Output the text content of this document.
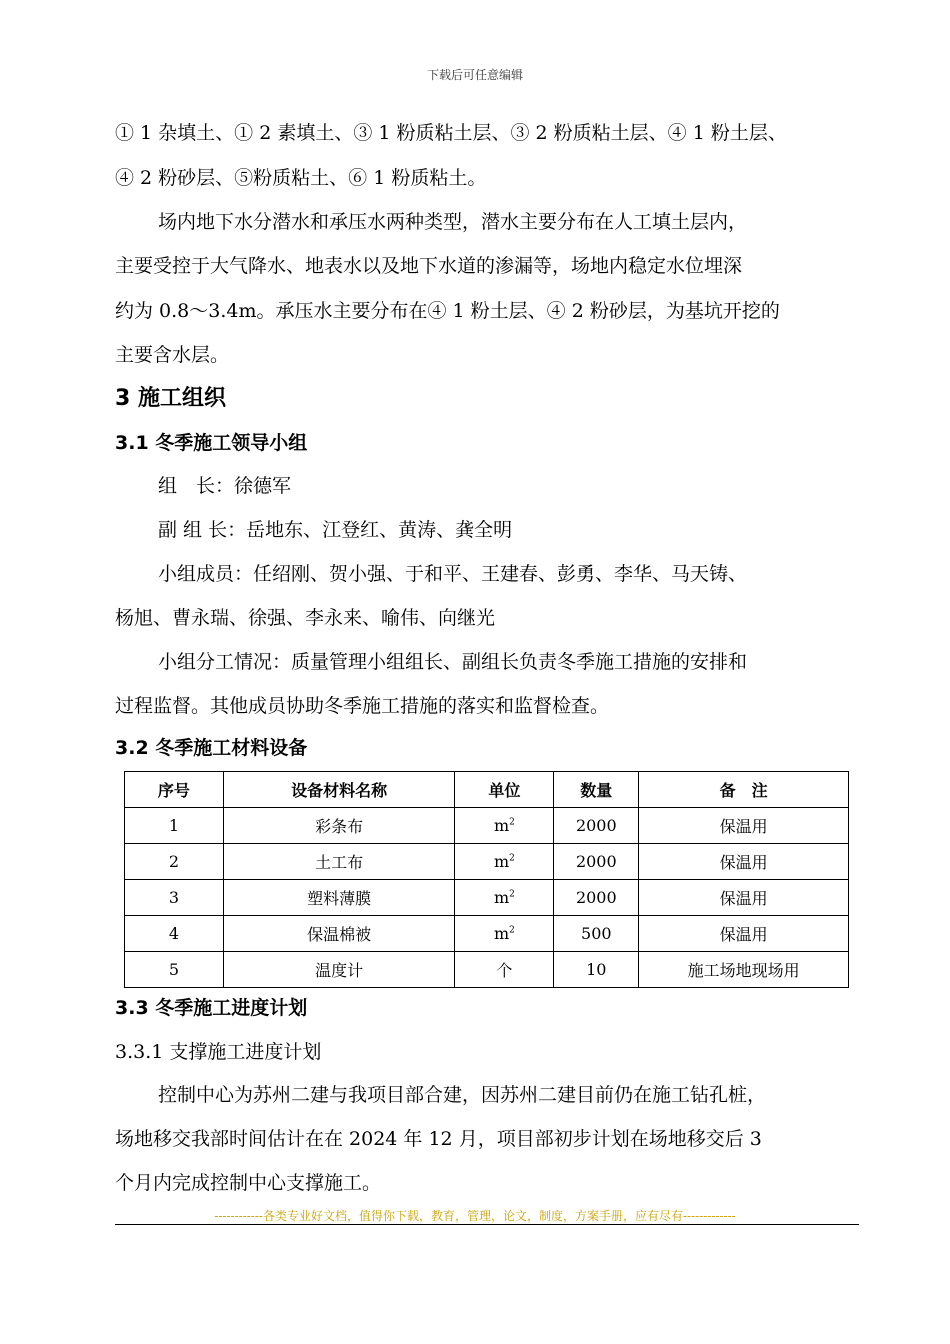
下载后可任意编辑
① 1 杂填土、① 2 素填土、③ 1 粉质粘土层、③ 2 粉质粘土层、④ 1 粉土层、
④ 2 粉砂层、⑤粉质粘土、⑥ 1 粉质粘土。
场内地下水分潜水和承压水两种类型，潜水主要分布在人工填土层内，
主要受控于大气降水、地表水以及地下水道的渗漏等，场地内稳定水位埋深
约为 0.8～3.4m。承压水主要分布在④ 1 粉土层、④ 2 粉砂层，为基坑开挖的
主要含水层。
3 施工组织
3.1 冬季施工领导小组
组　长：徐德军
副 组 长：岳地东、江登红、黄涛、龚全明
小组成员：任绍刚、贺小强、于和平、王建春、彭勇、李华、马天铸、
杨旭、曹永瑞、徐强、李永来、喻伟、向继光
小组分工情况：质量管理小组组长、副组长负责冬季施工措施的安排和
过程监督。其他成员协助冬季施工措施的落实和监督检查。
3.2 冬季施工材料设备
序号	设备材料名称	单位	数量	备　注
1	彩条布	$m^2$	2000	保温用
2	土工布	$m^2$	2000	保温用
3	塑料薄膜	$m^2$	2000	保温用
4	保温棉被	$m^2$	500	保温用
5	温度计	个	10	施工场地现场用
3.3 冬季施工进度计划
3.3.1 支撑施工进度计划
控制中心为苏州二建与我项目部合建，因苏州二建目前仍在施工钻孔桩，
场地移交我部时间估计在在 2024 年 12 月，项目部初步计划在场地移交后 3
个月内完成控制中心支撑施工。
------------各类专业好文档，值得你下载，教育，管理，论文，制度，方案手册，应有尽有-------------
